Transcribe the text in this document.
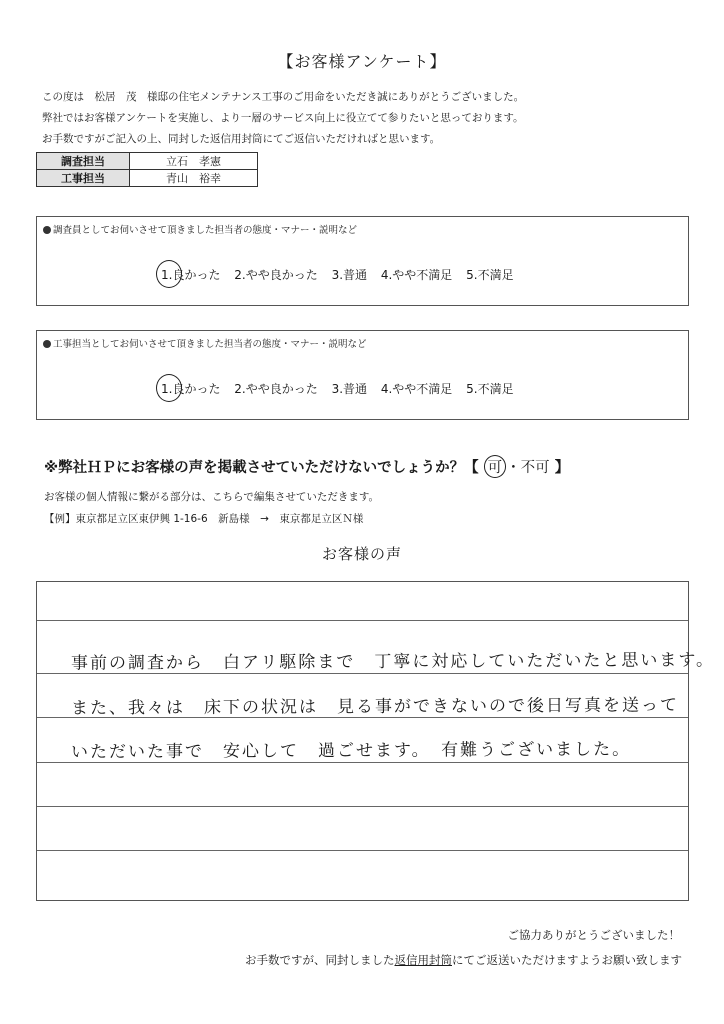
【お客様アンケート】
この度は　松居　茂　様邸の住宅メンテナンス工事のご用命をいただき誠にありがとうございました。
弊社ではお客様アンケートを実施し、より一層のサービス向上に役立てて参りたいと思っております。
お手数ですがご記入の上、同封した返信用封筒にてご返信いただければと思います。
調査担当	立石　孝憲
工事担当	青山　裕幸
調査員としてお伺いさせて頂きました担当者の態度・マナー・説明など
1.良かった 2.やや良かった 3.普通 4.やや不満足 5.不満足
工事担当としてお伺いさせて頂きました担当者の態度・マナー・説明など
1.良かった 2.やや良かった 3.普通 4.やや不満足 5.不満足
※弊社ＨＰにお客様の声を掲載させていただけないでしょうか？【 可 ・不可 】
お客様の個人情報に繋がる部分は、こちらで編集させていただきます。
【例】東京都足立区東伊興 1-16-6　新島様　→　東京都足立区Ｎ様
お客様の声
事前の調査から　白アリ駆除まで　丁寧に対応していただいたと思います。
また、我々は　床下の状況は　見る事ができないので後日写真を送って
いただいた事で　安心して　過ごせます。　有難うございました。
ご協力ありがとうございました！
お手数ですが、同封しました返信用封筒にてご返送いただけますようお願い致します
